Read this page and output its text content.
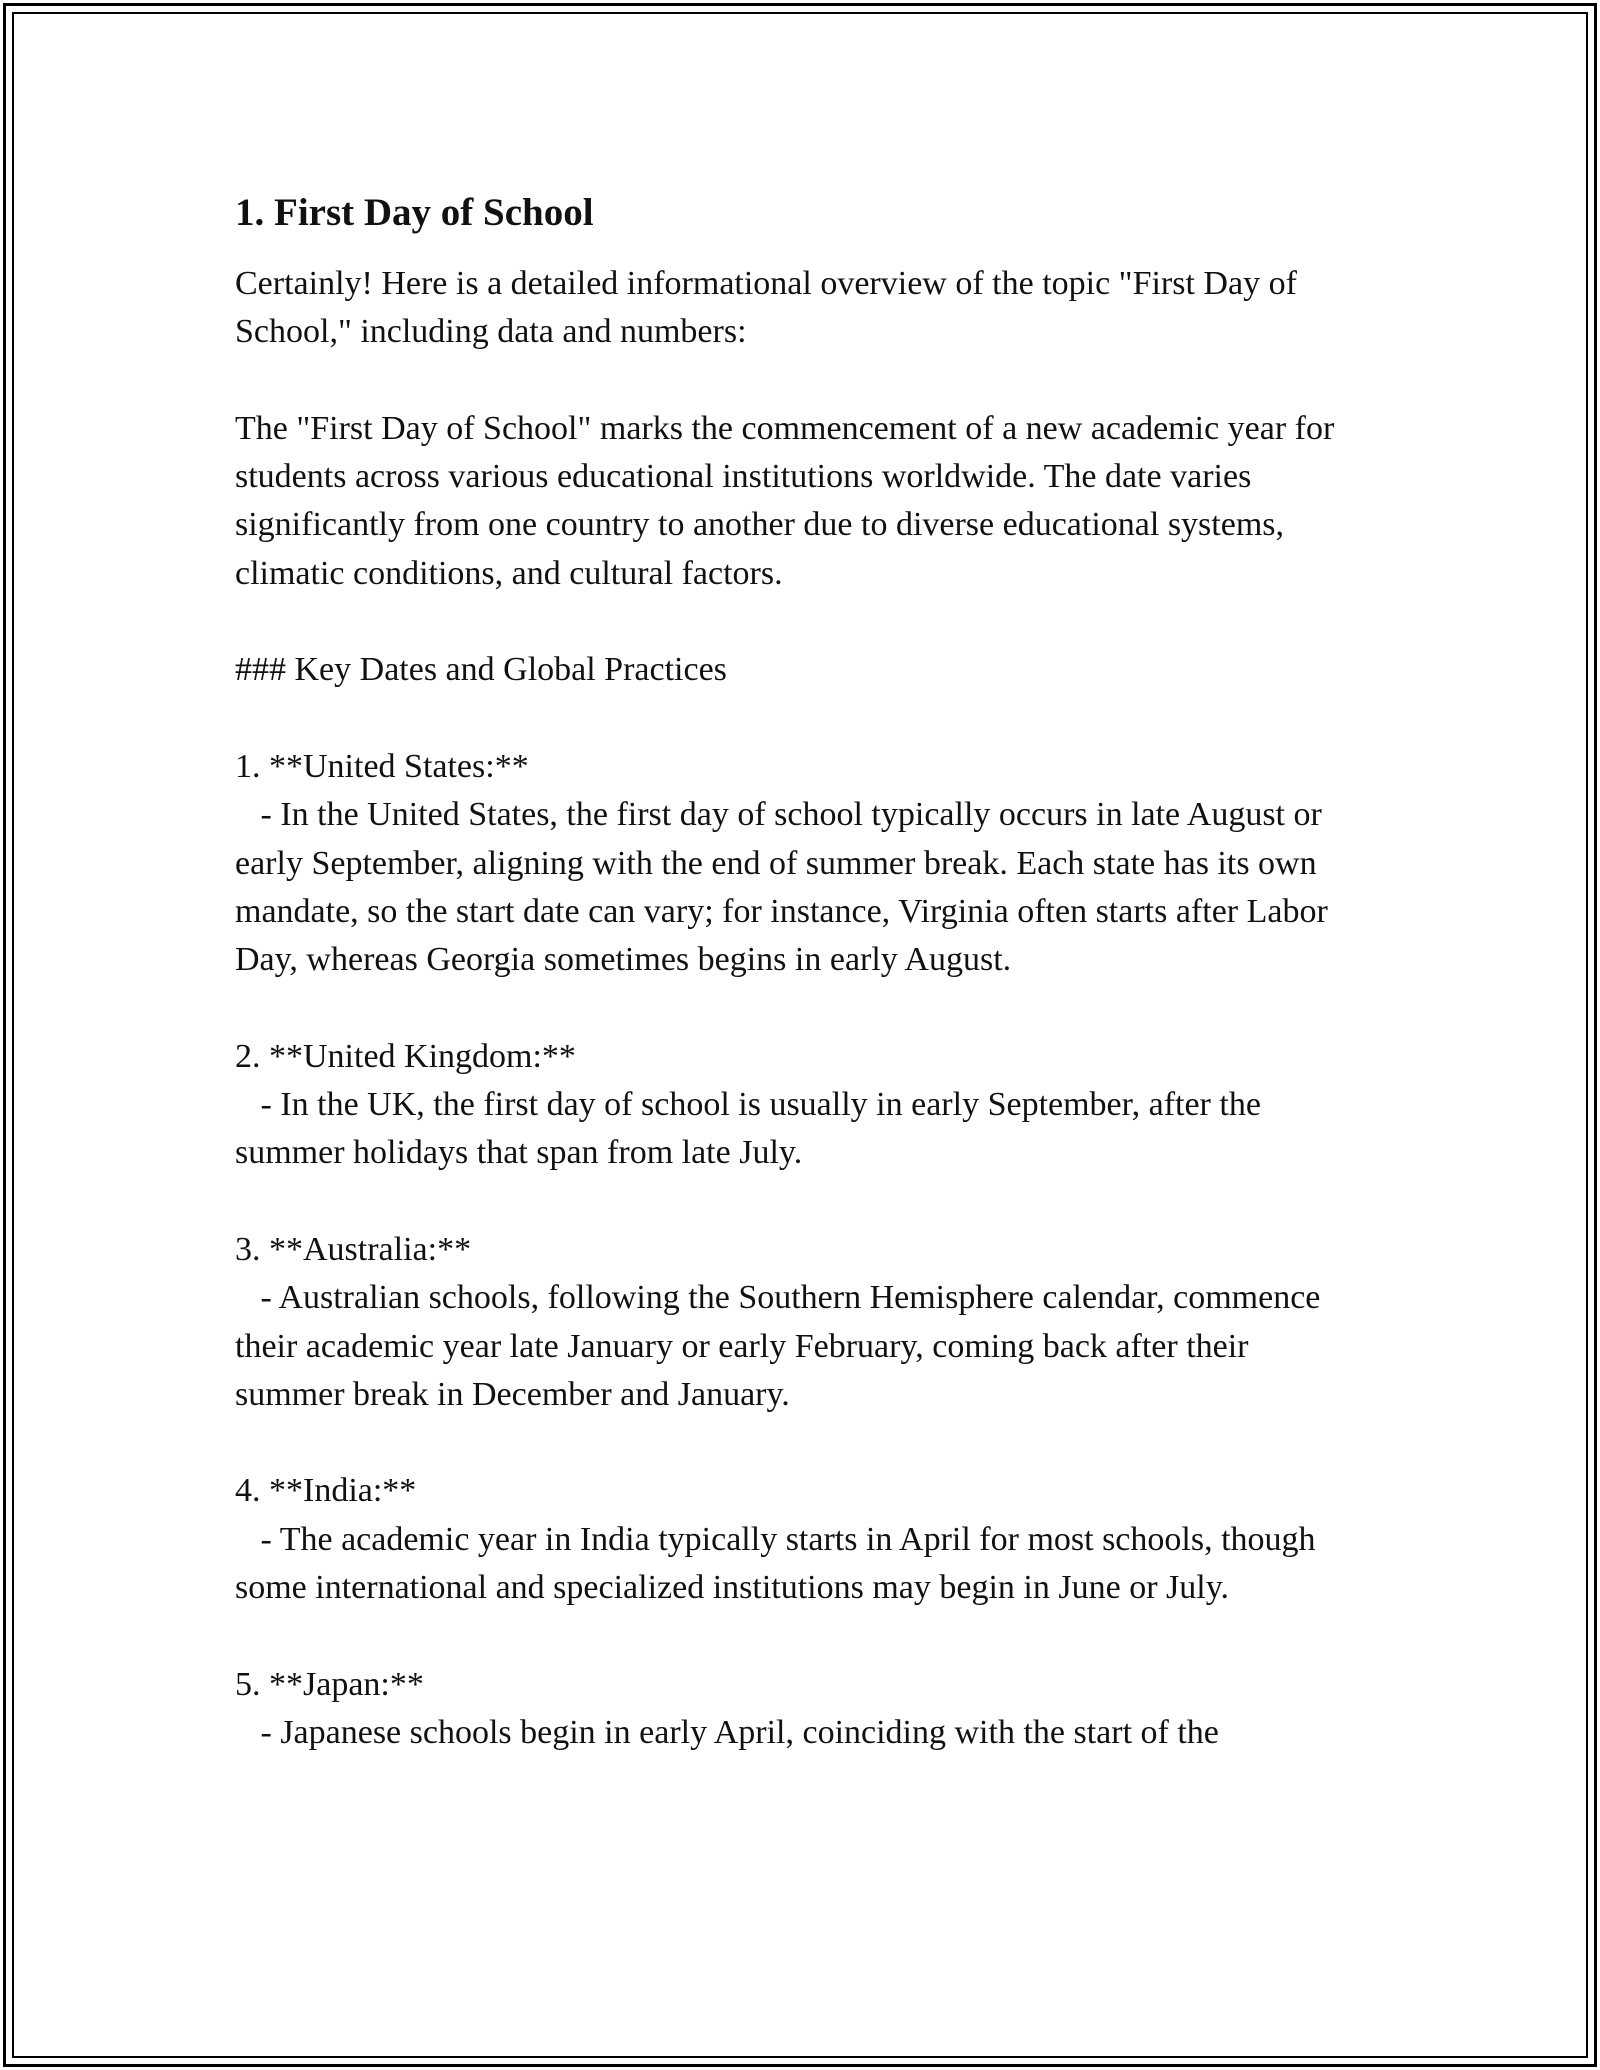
1. First Day of School
Certainly! Here is a detailed informational overview of the topic "First Day of School," including data and numbers:
The "First Day of School" marks the commencement of a new academic year for students across various educational institutions worldwide. The date varies significantly from one country to another due to diverse educational systems, climatic conditions, and cultural factors.
### Key Dates and Global Practices
1. **United States:**
- In the United States, the first day of school typically occurs in late August or early September, aligning with the end of summer break. Each state has its own mandate, so the start date can vary; for instance, Virginia often starts after Labor Day, whereas Georgia sometimes begins in early August.
2. **United Kingdom:**
- In the UK, the first day of school is usually in early September, after the summer holidays that span from late July.
3. **Australia:**
- Australian schools, following the Southern Hemisphere calendar, commence their academic year late January or early February, coming back after their summer break in December and January.
4. **India:**
- The academic year in India typically starts in April for most schools, though some international and specialized institutions may begin in June or July.
5. **Japan:**
- Japanese schools begin in early April, coinciding with the start of the
